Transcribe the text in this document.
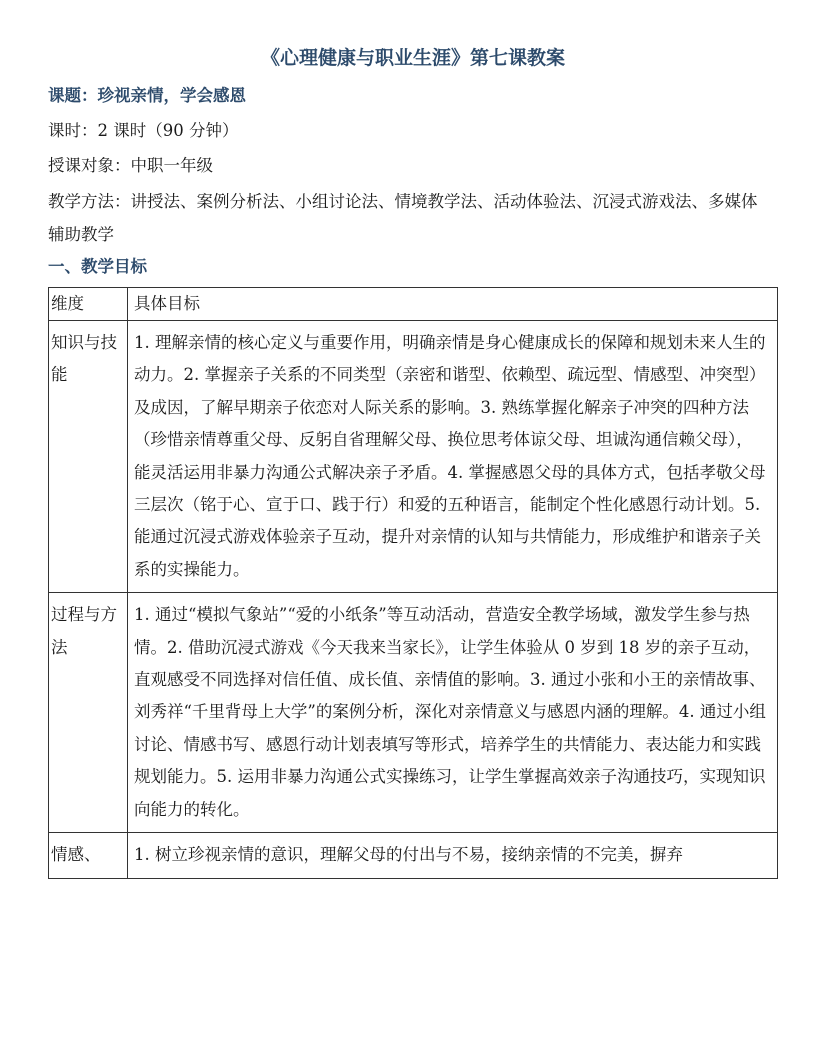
《心理健康与职业生涯》第七课教案
课题：珍视亲情，学会感恩
课时：2 课时（90 分钟）
授课对象：中职一年级
教学方法：讲授法、案例分析法、小组讨论法、情境教学法、活动体验法、沉浸式游戏法、多媒体辅助教学
一、教学目标
维度	具体目标
知识与技能	1. 理解亲情的核心定义与重要作用，明确亲情是身心健康成长的保障和规划未来人生的动力。2. 掌握亲子关系的不同类型（亲密和谐型、依赖型、疏远型、情感型、冲突型）及成因，了解早期亲子依恋对人际关系的影响。3. 熟练掌握化解亲子冲突的四种方法（珍惜亲情尊重父母、反躬自省理解父母、换位思考体谅父母、坦诚沟通信赖父母），能灵活运用非暴力沟通公式解决亲子矛盾。4. 掌握感恩父母的具体方式，包括孝敬父母三层次（铭于心、宣于口、践于行）和爱的五种语言，能制定个性化感恩行动计划。5. 能通过沉浸式游戏体验亲子互动，提升对亲情的认知与共情能力，形成维护和谐亲子关系的实操能力。
过程与方法	1. 通过“模拟气象站”“爱的小纸条”等互动活动，营造安全教学场域，激发学生参与热情。2. 借助沉浸式游戏《今天我来当家长》，让学生体验从 0 岁到 18 岁的亲子互动，直观感受不同选择对信任值、成长值、亲情值的影响。3. 通过小张和小王的亲情故事、刘秀祥“千里背母上大学”的案例分析，深化对亲情意义与感恩内涵的理解。4. 通过小组讨论、情感书写、感恩行动计划表填写等形式，培养学生的共情能力、表达能力和实践规划能力。5. 运用非暴力沟通公式实操练习，让学生掌握高效亲子沟通技巧，实现知识向能力的转化。
情感、	1. 树立珍视亲情的意识，理解父母的付出与不易，接纳亲情的不完美，摒弃
